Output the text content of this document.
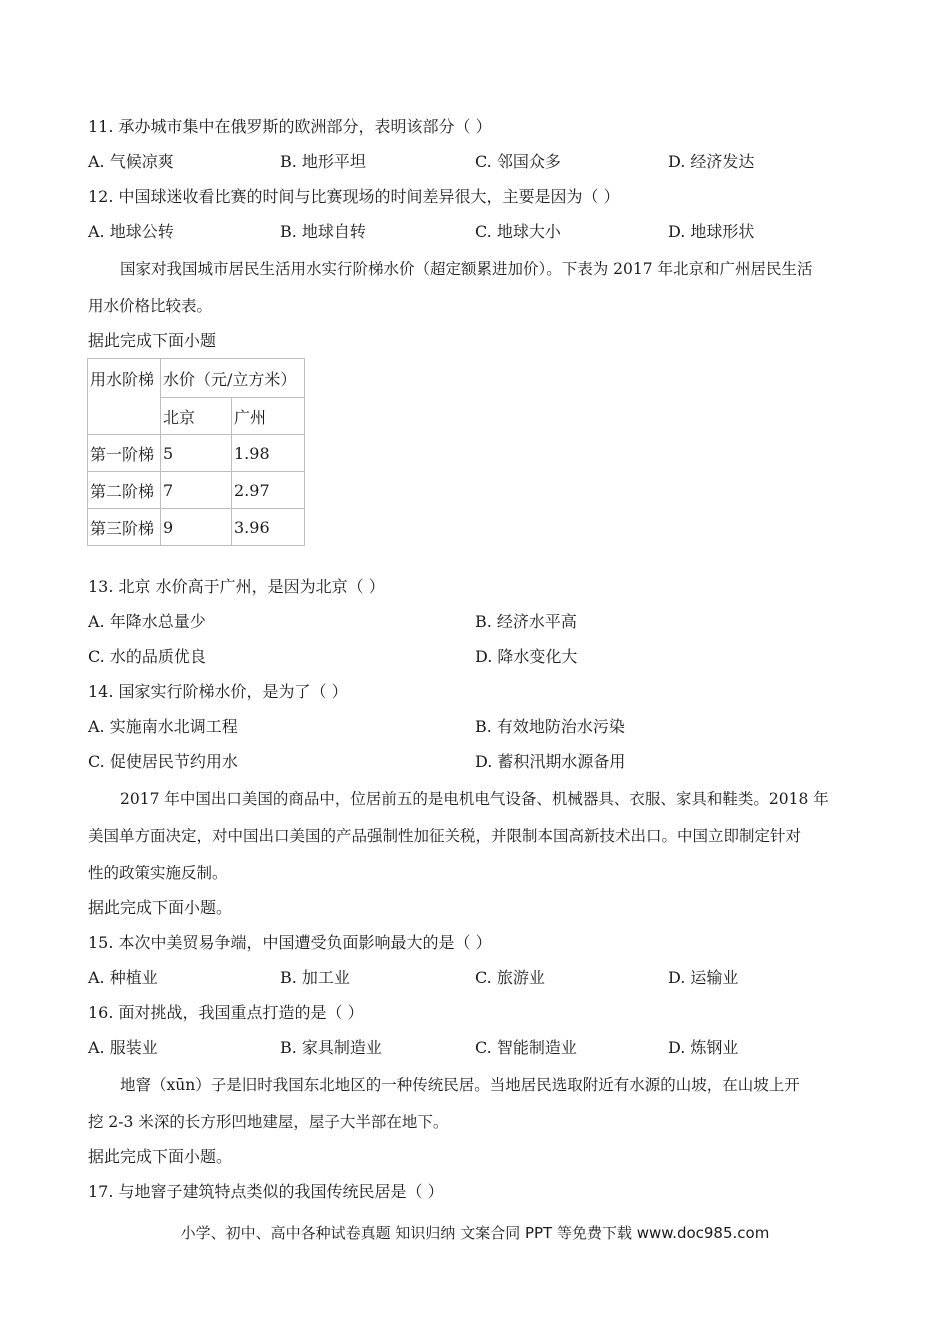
11. 承办城市集中在俄罗斯的欧洲部分，表明该部分（ ）
A. 气候凉爽	B. 地形平坦	C. 邻国众多	D. 经济发达
12. 中国球迷收看比赛的时间与比赛现场的时间差异很大，主要是因为（ ）
A. 地球公转	B. 地球自转	C. 地球大小	D. 地球形状
国家对我国城市居民生活用水实行阶梯水价（超定额累进加价）。下表为 2017 年北京和广州居民生活
用水价格比较表。
据此完成下面小题
用水阶梯	水价（元/立方米）	
	北京	广州
第一阶梯	5	1.98
第二阶梯	7	2.97
第三阶梯	9	3.96
13. 北京 水价高于广州，是因为北京（ ）
A. 年降水总量少	B. 经济水平高
C. 水的品质优良	D. 降水变化大
14. 国家实行阶梯水价，是为了（ ）
A. 实施南水北调工程	B. 有效地防治水污染
C. 促使居民节约用水	D. 蓄积汛期水源备用
2017 年中国出口美国的商品中，位居前五的是电机电气设备、机械器具、衣服、家具和鞋类。2018 年
美国单方面决定，对中国出口美国的产品强制性加征关税，并限制本国高新技术出口。中国立即制定针对
性的政策实施反制。
据此完成下面小题。
15. 本次中美贸易争端，中国遭受负面影响最大的是（ ）
A. 种植业	B. 加工业	C. 旅游业	D. 运输业
16. 面对挑战，我国重点打造的是（ ）
A. 服装业	B. 家具制造业	C. 智能制造业	D. 炼钢业
地窨（xūn）子是旧时我国东北地区的一种传统民居。当地居民选取附近有水源的山坡，在山坡上开
挖 2-3 米深的长方形凹地建屋，屋子大半部在地下。
据此完成下面小题。
17. 与地窨子建筑特点类似的我国传统民居是（ ）
小学、初中、高中各种试卷真题 知识归纳 文案合同 PPT 等免费下载 www.doc985.com
